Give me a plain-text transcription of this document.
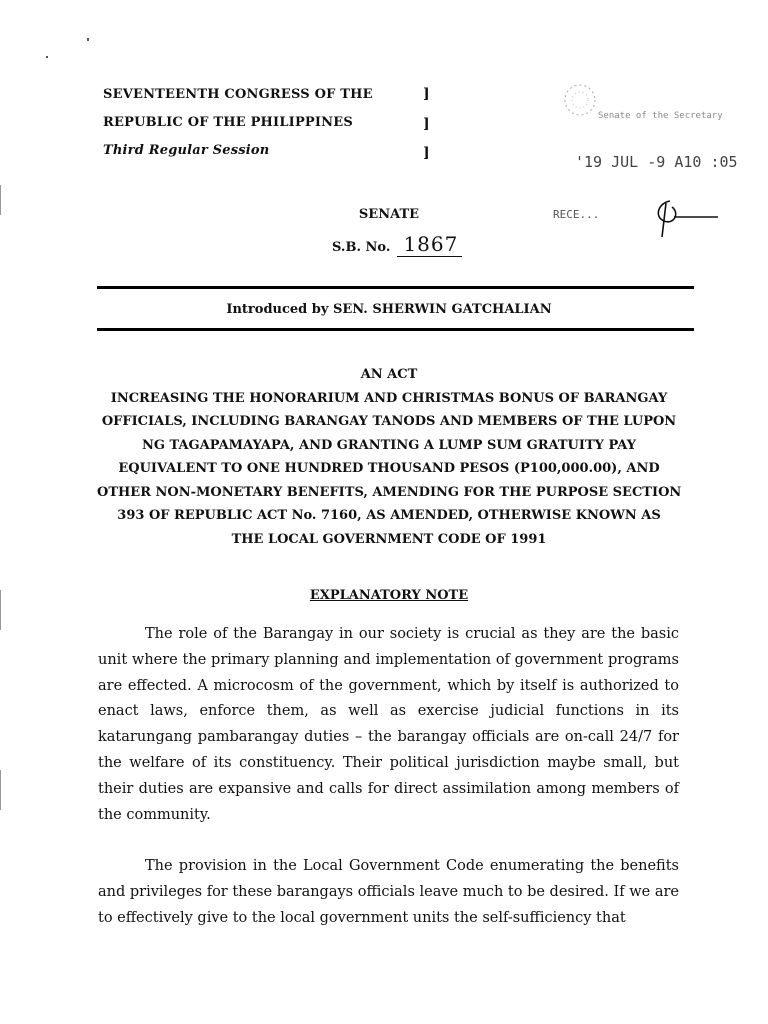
SEVENTEENTH CONGRESS OF THE
REPUBLIC OF THE PHILIPPINES
Third Regular Session
]
]
]
Senate of the Secretary
'19 JUL -9 A10 :05
RECE...
SENATE
S.B. No. 1867
Introduced by SEN. SHERWIN GATCHALIAN
AN ACT
INCREASING THE HONORARIUM AND CHRISTMAS BONUS OF BARANGAY
OFFICIALS, INCLUDING BARANGAY TANODS AND MEMBERS OF THE LUPON
NG TAGAPAMAYAPA, AND GRANTING A LUMP SUM GRATUITY PAY
EQUIVALENT TO ONE HUNDRED THOUSAND PESOS (P100,000.00), AND
OTHER NON-MONETARY BENEFITS, AMENDING FOR THE PURPOSE SECTION
393 OF REPUBLIC ACT No. 7160, AS AMENDED, OTHERWISE KNOWN AS
THE LOCAL GOVERNMENT CODE OF 1991
EXPLANATORY NOTE

The role of the Barangay in our society is crucial as they are the basic unit where the primary planning and implementation of government programs are effected. A microcosm of the government, which by itself is authorized to enact laws, enforce them, as well as exercise judicial functions in its katarungang pambarangay duties – the barangay officials are on-call 24/7 for the welfare of its constituency. Their political jurisdiction maybe small, but their duties are expansive and calls for direct assimilation among members of the community.

The provision in the Local Government Code enumerating the benefits and privileges for these barangays officials leave much to be desired. If we are to effectively give to the local government units the self-sufficiency that
